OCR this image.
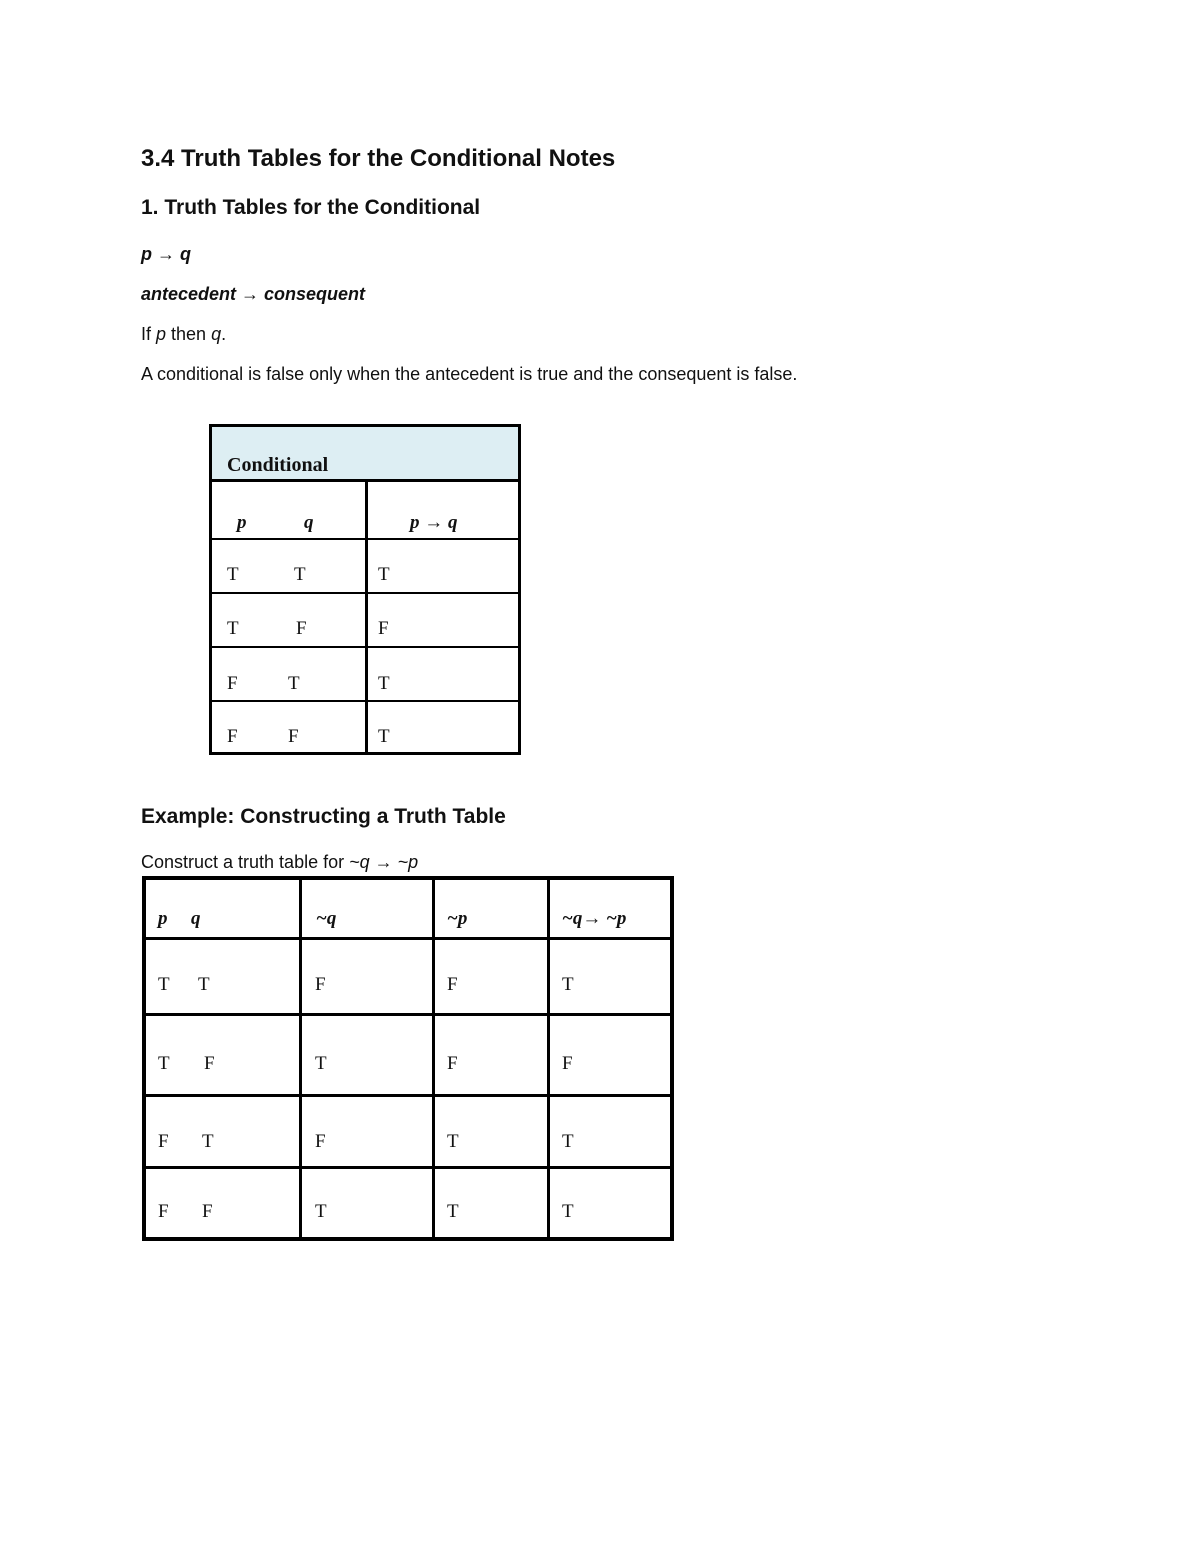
3.4 Truth Tables for the Conditional Notes
1. Truth Tables for the Conditional
p → q
antecedent → consequent
If p then q.
A conditional is false only when the antecedent is true and the consequent is false.
Conditional
p	q	p → q
T	T	T
T	F	F
F	T	T
F	F	T
Example: Constructing a Truth Table
Construct a truth table for ~q → ~p
p q	~q	~p	~q→ ~p
T T	F	F	T
T F	T	F	F
F T	F	T	T
F F	T	T	T
